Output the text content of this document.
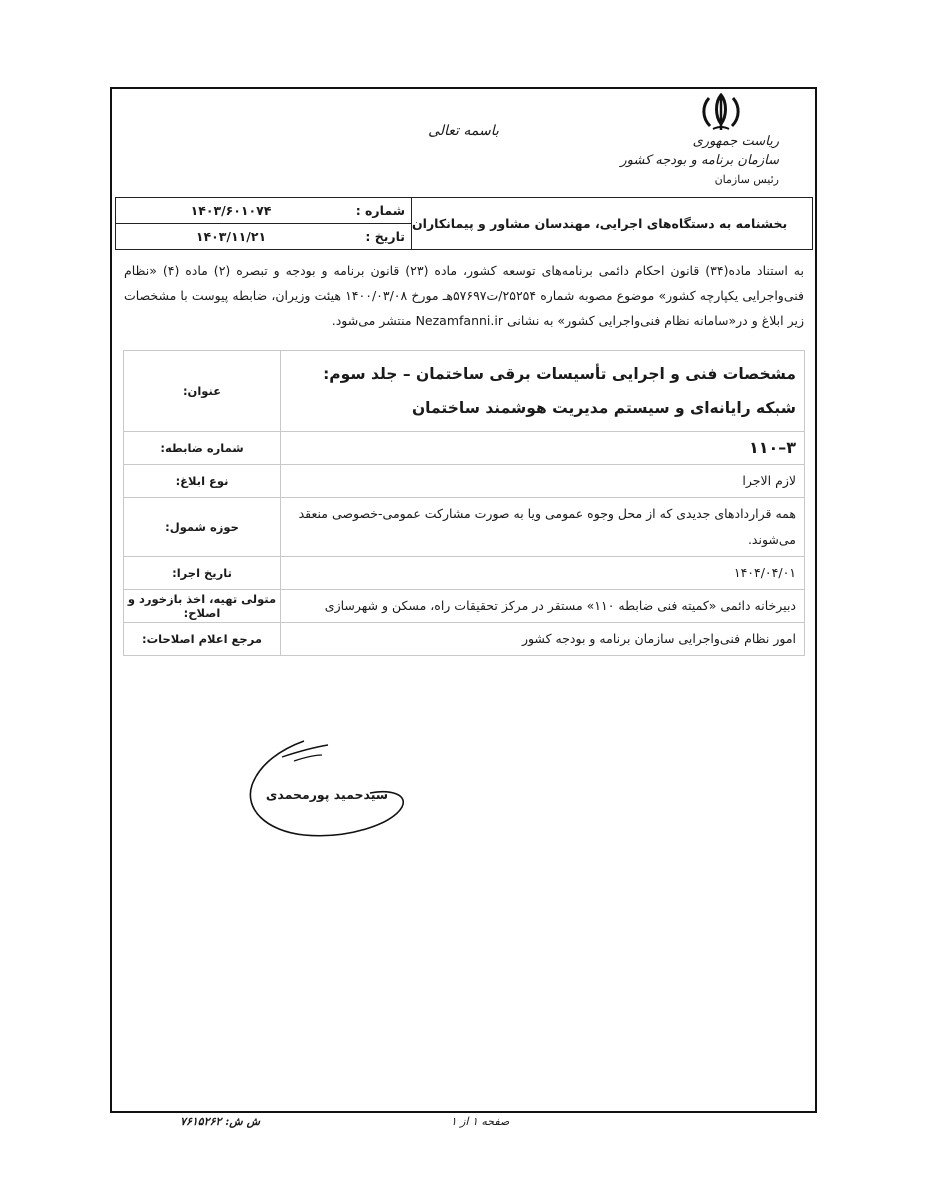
باسمه تعالی
ریاست جمهوری
سازمان برنامه و بودجه کشور
رئیس سازمان
شماره :
۱۴۰۳/۶۰۱۰۷۴
تاریخ :
۱۴۰۳/۱۱/۲۱
بخشنامه به دستگاه‌های اجرایی، مهندسان مشاور و پیمانکاران
به استناد ماده(۳۴) قانون احکام دائمی برنامه‌های توسعه کشور، ماده (۲۳) قانون برنامه و بودجه و تبصره (۲) ماده (۴) «نظام فنی‌واجرایی یکپارچه کشور» موضوع مصوبه شماره ۲۵۲۵۴/ت۵۷۶۹۷هـ مورخ ۱۴۰۰/۰۳/۰۸ هیئت وزیران، ضابطه پیوست با مشخصات زیر ابلاغ و در«سامانه نظام فنی‌واجرایی کشور» به نشانی Nezamfanni.ir منتشر می‌شود.
مشخصات فنی و اجرایی تأسیسات برقی ساختمان – جلد سوم: شبکه رایانه‌ای و سیستم مدیریت هوشمند ساختمان	عنوان:
۳–۱۱۰	شماره ضابطه:
لازم الاجرا	نوع ابلاغ:
همه قراردادهای جدیدی که از محل وجوه عمومی ویا به صورت مشارکت عمومی-خصوصی منعقد می‌شوند.	حوزه شمول:
۱۴۰۴/۰۴/۰۱	تاریخ اجرا:
دبیرخانه دائمی «کمیته فنی ضابطه ۱۱۰» مستقر در مرکز تحقیقات راه، مسکن و شهرسازی	متولی تهیه، اخذ بازخورد و اصلاح:
امور نظام فنی‌واجرایی سازمان برنامه و بودجه کشور	مرجع اعلام اصلاحات:
سیدحمید پورمحمدی
صفحه ۱ از ۱
ش ش: ۷۶۱۵۲۶۲
